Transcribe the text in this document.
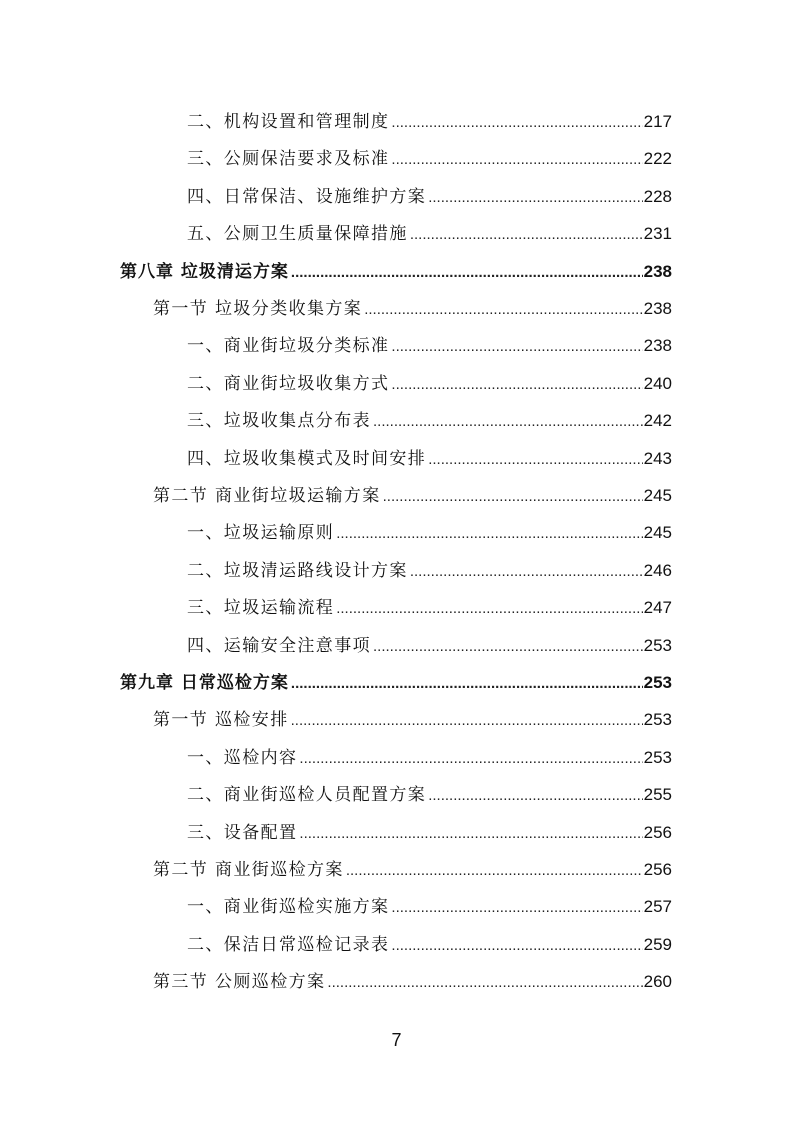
二、机构设置和管理制度 .....	217
三、公厕保洁要求及标准 .....	222
四、日常保洁、设施维护方案 .....	228
五、公厕卫生质量保障措施 .....	231
第八章 垃圾清运方案 .....	238
第一节 垃圾分类收集方案 .....	238
一、商业街垃圾分类标准 .....	238
二、商业街垃圾收集方式 .....	240
三、垃圾收集点分布表 .....	242
四、垃圾收集模式及时间安排 .....	243
第二节 商业街垃圾运输方案 .....	245
一、垃圾运输原则 .....	245
二、垃圾清运路线设计方案 .....	246
三、垃圾运输流程 .....	247
四、运输安全注意事项 .....	253
第九章 日常巡检方案 .....	253
第一节 巡检安排 .....	253
一、巡检内容 .....	253
二、商业街巡检人员配置方案 .....	255
三、设备配置 .....	256
第二节 商业街巡检方案 .....	256
一、商业街巡检实施方案 .....	257
二、保洁日常巡检记录表 .....	259
第三节 公厕巡检方案 .....	260
7
